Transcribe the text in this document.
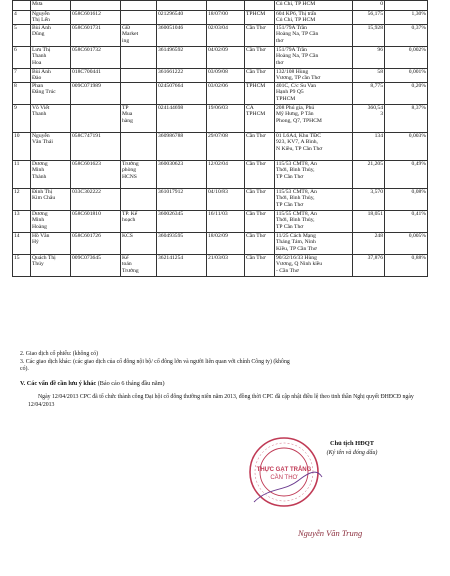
	Mưa						Củ Chi, TP HCM	0	
4	Nguyễn
Thị Lến	058C601612		021296540	18/07/00	TPHCM	604 KP6, Thị trấn
Củ Chi, TP HCM	56,175	1,30%
5	Bùi Anh
Dũng	058C601731	GĐ
Market
ing	360051046	02/03/04	Cần Thơ	151/79A Trần
Hoàng Na, TP Cần
thơ	15,928	0,37%
6	Lưu Thị
Thanh
Hoa	058C601732		361496592	04/02/09	Cần Thơ	151/79A Trần
Hoàng Na, TP Cần
thơ	96	0,002%
7	Bùi Anh
Đào	018C700441		361661222	03/09/08	Cần Thơ	132/108 Hùng
Vương, TP cần Thơ	58	0,001%
8	Phan
Đăng Trúc	009C071989		024507664	03/02/06	TPHCM	401C, C/c Su Van
Hạnh P9 Q5
TPHCM	8,775	0,20%
9	Võ Viết
Thanh		TP
Mua
hàng	024144698	19/06/03	CA
TPHCM	208 Phú gia, Phú
Mỹ Hưng, P Tân
Phong, Q7, TPHCM	360,54
3	8,37%
10	Nguyễn
Văn Thái	058C747191		360986788	29/07/08	Cần Thơ	01 L6A4, Khu TĐC
923, KV7, A Bình,
N Kiều, TP Cần Thơ	134	0,003%
11	Dương
Minh
Thành	058C601623	Trưởng
phòng
HCNS	360030623	12/02/04	Cần Thơ	115/53 CMT8, An
Thới, Bình Thủy,
TP Cần Thơ	21,205	0,49%
12	Đinh Thị
Kim Châu	033C302222		361017912	04/10/83	Cần Thơ	115/53 CMT8, An
Thới, Bình Thủy,
TP Cần Thơ	3,570	0,08%
13	Dương
Minh
Hoàng	058C601810	TP. Kế
hoạch	360026345	16/11/03	Cần Thơ	115/55 CMT8, An
Thới, Bình Thủy,
TP Cần Thơ	18,051	0,41%
14	Hồ Văn
Hỷ	058C601726	KCS	360493595	18/02/09	Cần Thơ	11/25 Cách Mạng
Tháng Tám, Ninh
Kiều, TP Cần Thơ	248	0,005%
15	Quách Thị
Thúy	009C073645	Kế
toán
Trưởng	362141254	21/03/03	Cần Thơ	90/32/16/33 Hùng
Vương, Q Ninh kiều
- Cần Thơ	37,876	0,88%
2. Giao dịch cổ phiếu: (không có)
3. Các giao dịch khác: (các giao dịch của cổ đông nội bộ/ cổ đông lớn và người liên quan với chính Công ty) (không
có).
V. Các vấn đề cần lưu ý khác (Báo cáo 6 tháng đầu năm)
Ngày 12/04/2013 CPC đã tổ chức thành công Đại hội cổ đông thường niên năm 2013, đồng thời CPC đã cập nhật điều lệ theo tinh thần Nghị quyết ĐHĐCĐ ngày 12/04/2013
THỰC GẠT TRẮNG
CẦN THƠ
Chủ tịch HĐQT
(Ký tên và đóng dấu)
Nguyễn Văn Trung
